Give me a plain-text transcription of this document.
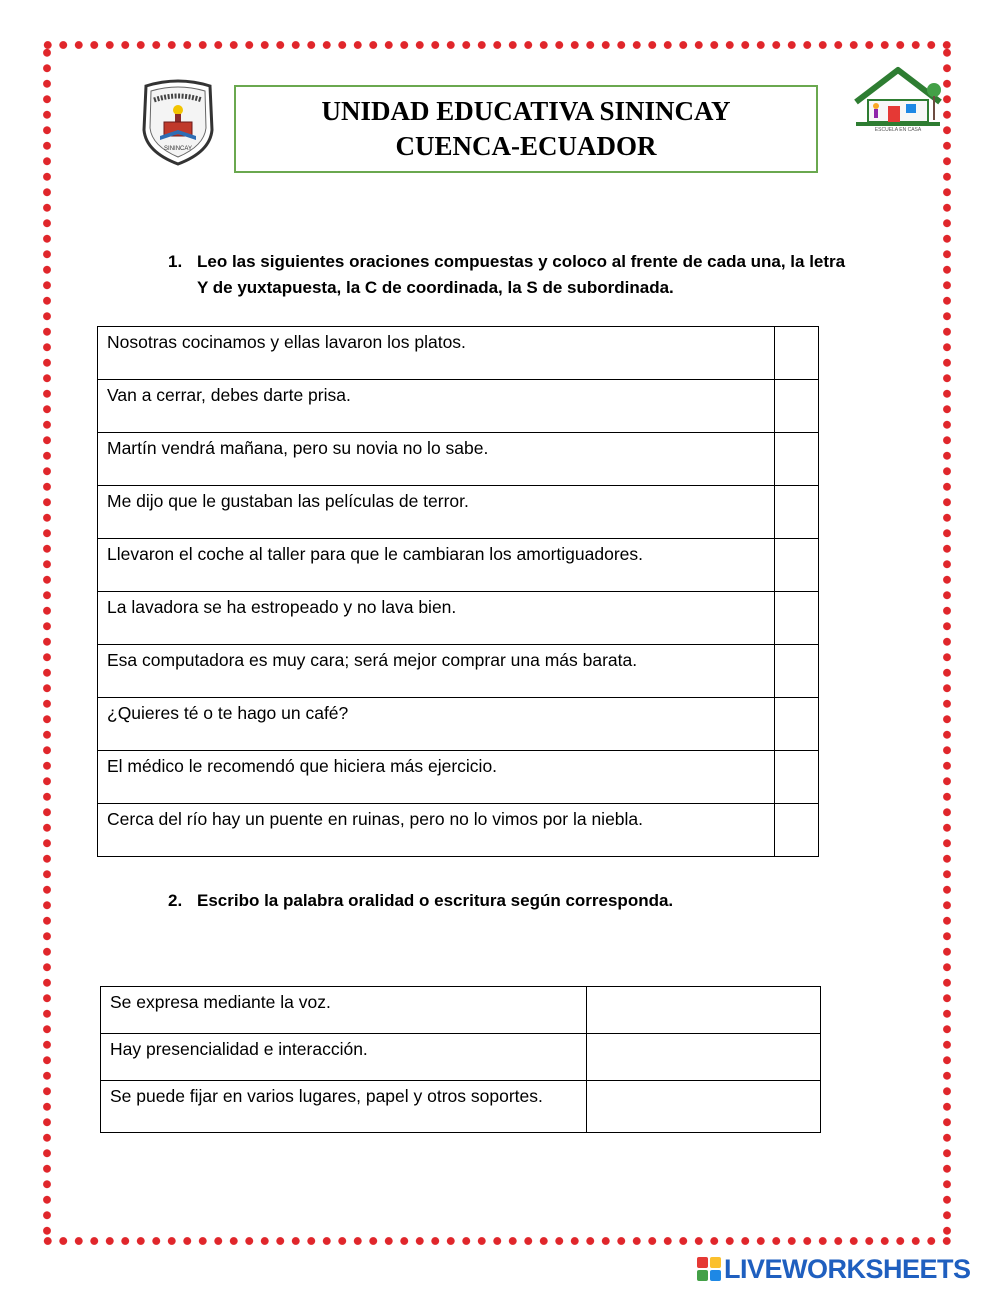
SININCAY
UNIDAD EDUCATIVA SININCAY
CUENCA-ECUADOR
ESCUELA EN CASA
1. Leo las siguientes oraciones compuestas y coloco al frente de cada una, la letra Y de yuxtapuesta, la C de coordinada, la S de subordinada.
Nosotras cocinamos y ellas lavaron los platos.	
Van a cerrar, debes darte prisa.	
Martín vendrá mañana, pero su novia no lo sabe.	
Me dijo que le gustaban las películas de terror.	
Llevaron el coche al taller para que le cambiaran los amortiguadores.	
La lavadora se ha estropeado y no lava bien.	
Esa computadora es muy cara; será mejor comprar una más barata.	
¿Quieres té o te hago un café?	
El médico le recomendó que hiciera más ejercicio.	
Cerca del río hay un puente en ruinas, pero no lo vimos por la niebla.	
2. Escribo la palabra oralidad o escritura según corresponda.
Se expresa mediante la voz.	
Hay presencialidad e interacción.	
Se puede fijar en varios lugares, papel y otros soportes.	
LIVEWORKSHEETS
